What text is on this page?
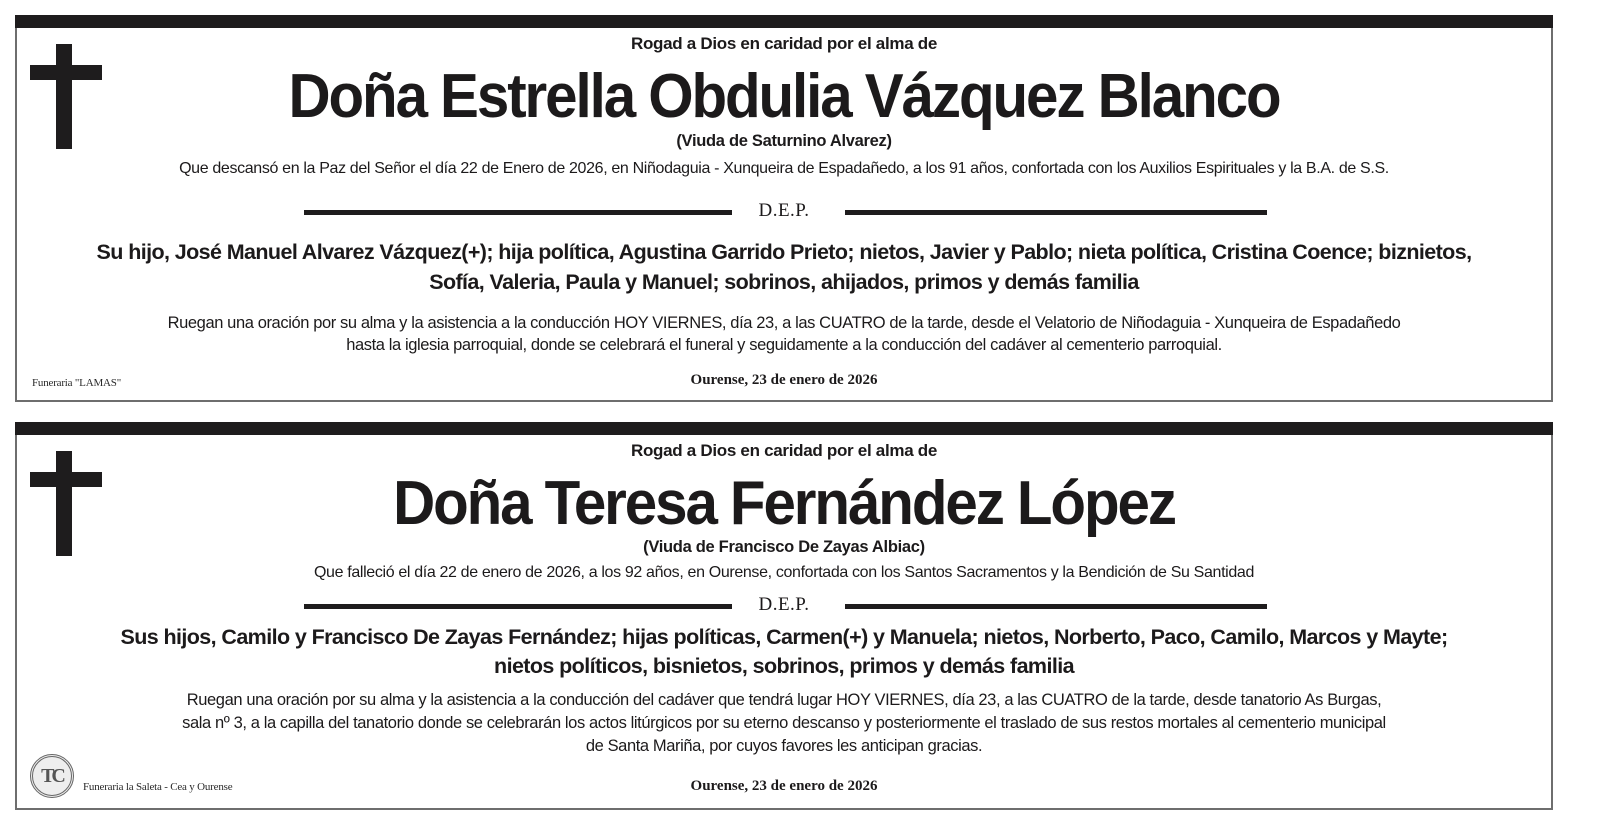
Rogad a Dios en caridad por el alma de
Doña Estrella Obdulia Vázquez Blanco
(Viuda de Saturnino Alvarez)
Que descansó en la Paz del Señor el día 22 de Enero de 2026, en Niñodaguia - Xunqueira de Espadañedo, a los 91 años, confortada con los Auxilios Espirituales y la B.A. de S.S.
D.E.P.
Su hijo, José Manuel Alvarez Vázquez(+); hija política, Agustina Garrido Prieto; nietos, Javier y Pablo; nieta política, Cristina Coence; biznietos,
Sofía, Valeria, Paula y Manuel; sobrinos, ahijados, primos y demás familia
Ruegan una oración por su alma y la asistencia a la conducción HOY VIERNES, día 23, a las CUATRO de la tarde, desde el Velatorio de Niñodaguia - Xunqueira de Espadañedo
hasta la iglesia parroquial, donde se celebrará el funeral y seguidamente a la conducción del cadáver al cementerio parroquial.
Ourense, 23 de enero de 2026
Funeraria "LAMAS"
Rogad a Dios en caridad por el alma de
Doña Teresa Fernández López
(Viuda de Francisco De Zayas Albiac)
Que falleció el día 22 de enero de 2026, a los 92 años, en Ourense, confortada con los Santos Sacramentos y la Bendición de Su Santidad
D.E.P.
Sus hijos, Camilo y Francisco De Zayas Fernández; hijas políticas, Carmen(+) y Manuela; nietos, Norberto, Paco, Camilo, Marcos y Mayte;
nietos políticos, bisnietos, sobrinos, primos y demás familia
Ruegan una oración por su alma y la asistencia a la conducción del cadáver que tendrá lugar HOY VIERNES, día 23, a las CUATRO de la tarde, desde tanatorio As Burgas,
sala nº 3, a la capilla del tanatorio donde se celebrarán los actos litúrgicos por su eterno descanso y posteriormente el traslado de sus restos mortales al cementerio municipal
de Santa Mariña, por cuyos favores les anticipan gracias.
TC	Ourense, 23 de enero de 2026
Funeraria la Saleta - Cea y Ourense
